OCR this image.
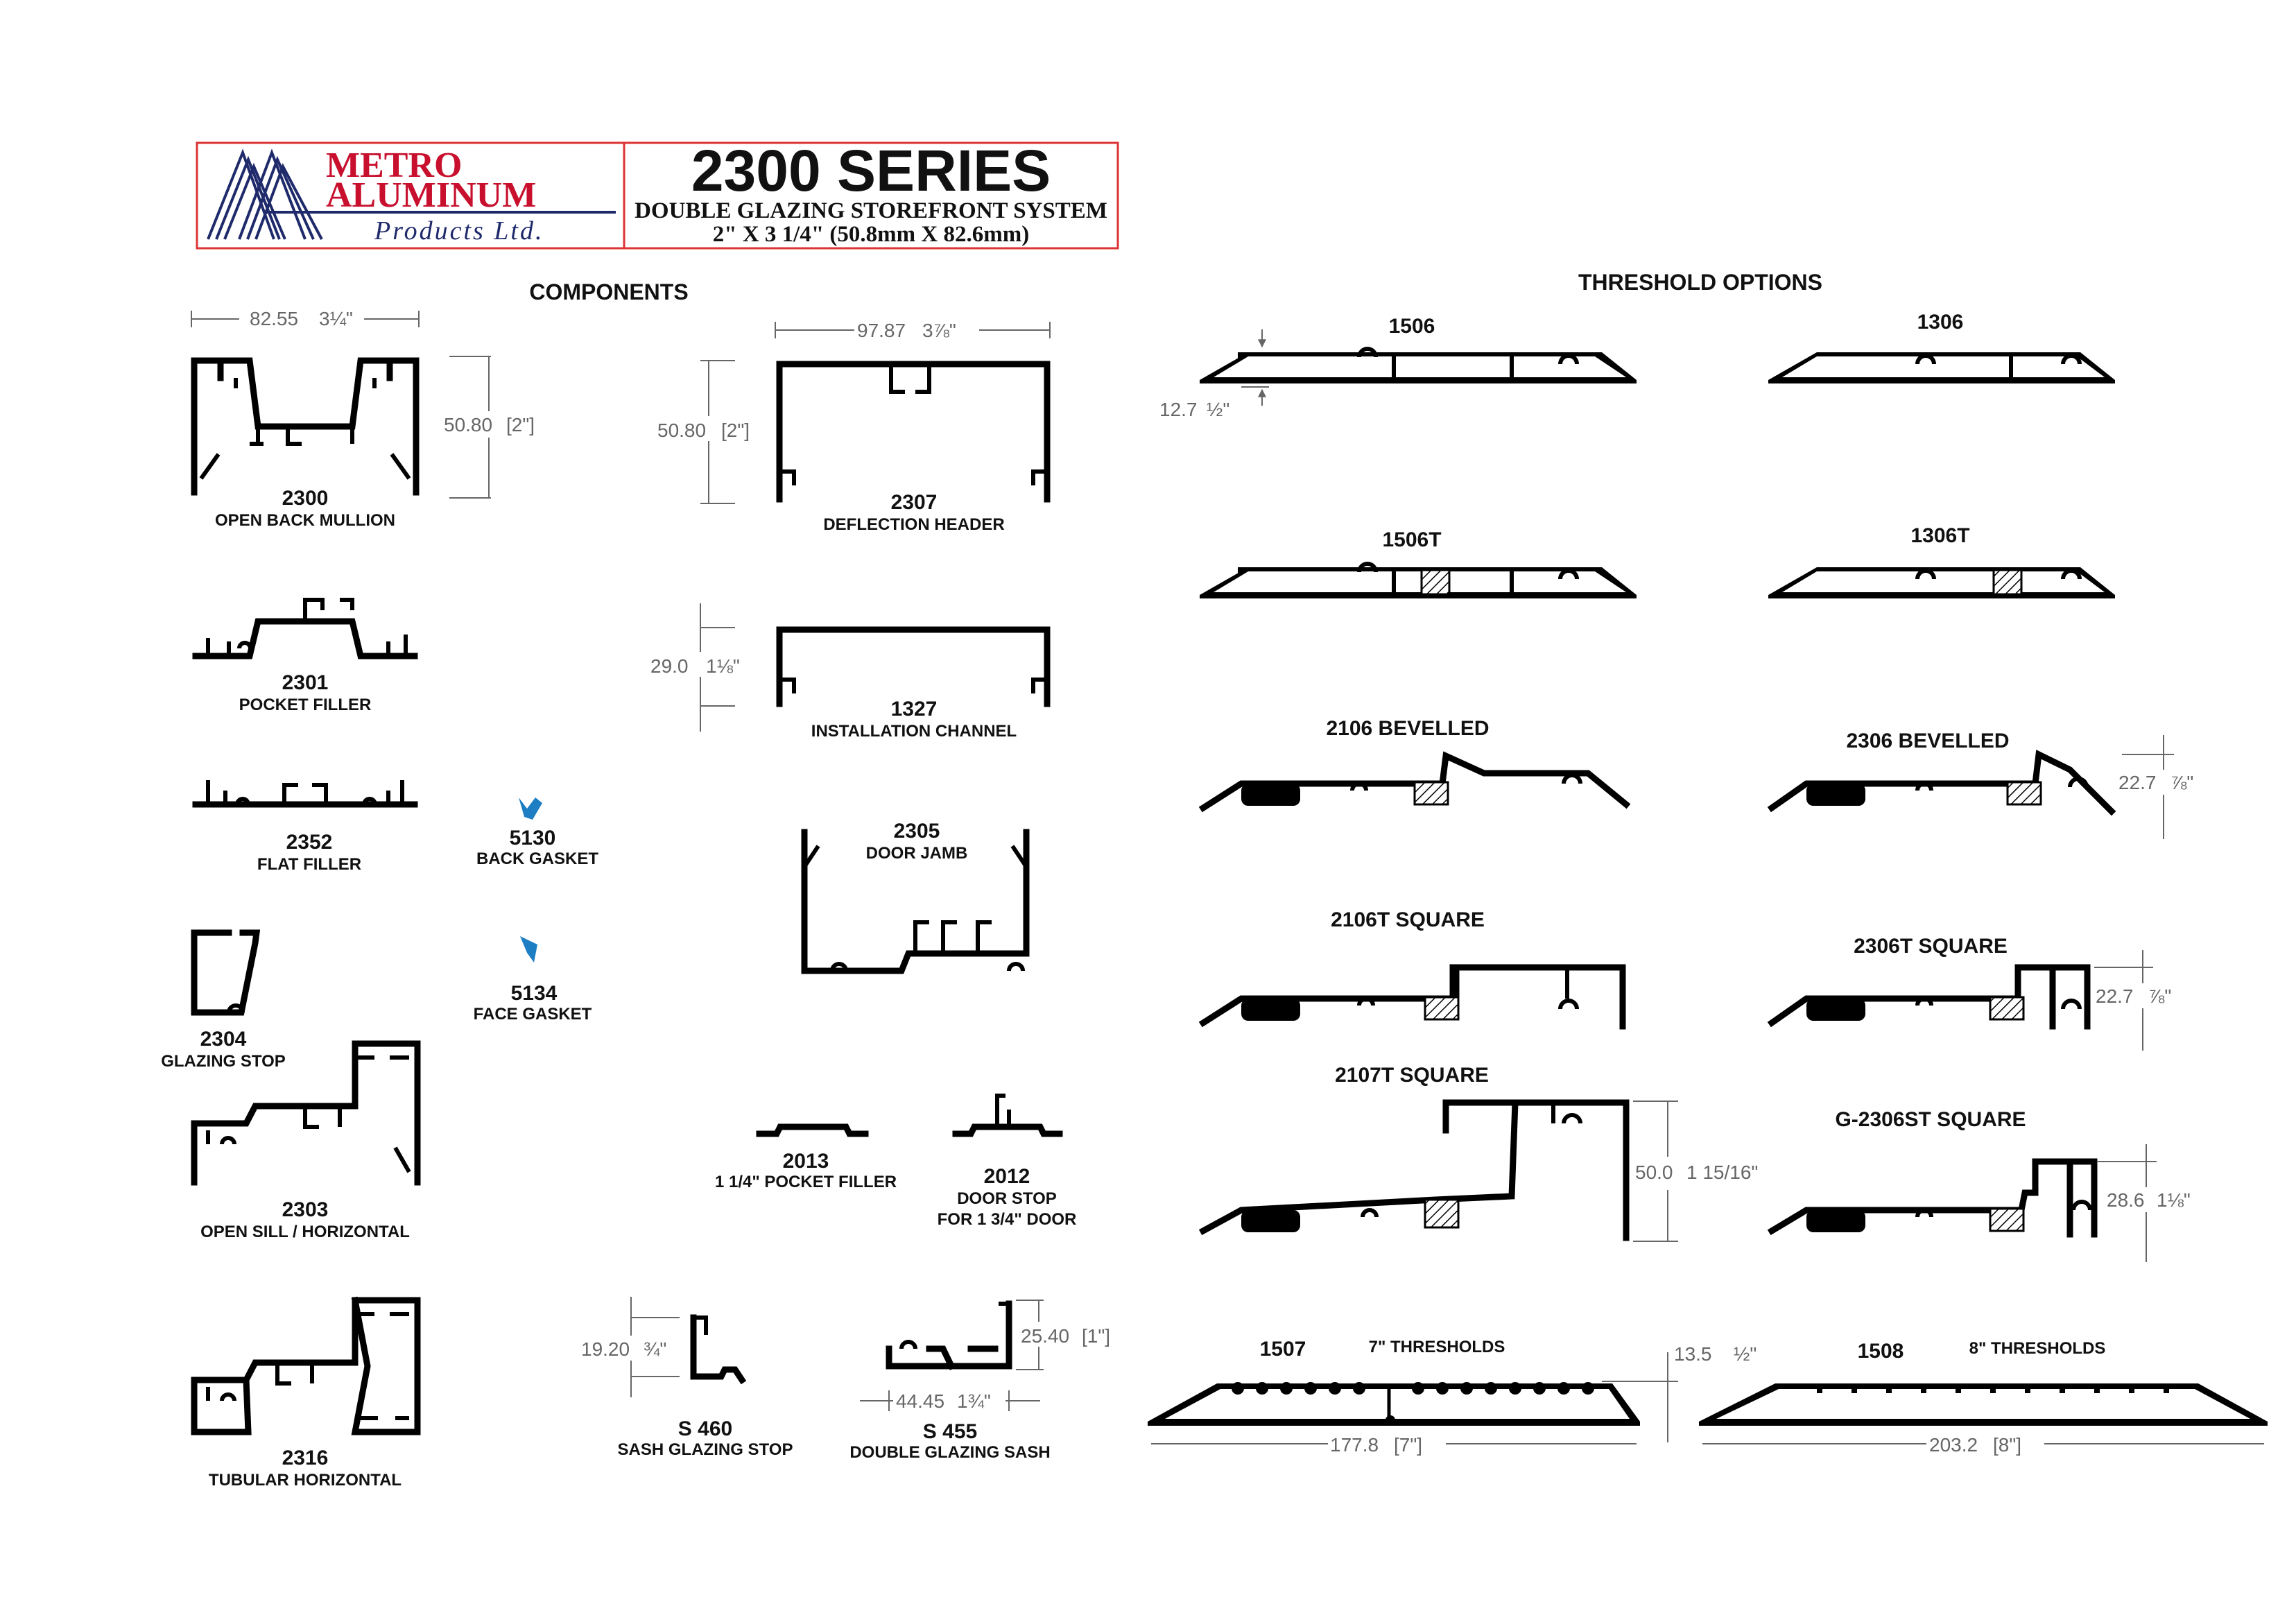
METRO
ALUMINUM
Products Ltd.
2300 SERIES
DOUBLE GLAZING STOREFRONT SYSTEM
2" X 3 1/4" (50.8mm X 82.6mm)
COMPONENTS	THRESHOLD OPTIONS
82.55 3¼"
50.80 [2"]
2300
OPEN BACK MULLION
2301
POCKET FILLER
2352
FLAT FILLER
5130
BACK GASKET
5134
FACE GASKET
2304
GLAZING STOP
2303
OPEN SILL / HORIZONTAL
2316
TUBULAR HORIZONTAL
97.87 3⅞"
50.80 [2"]
2307
DEFLECTION HEADER
29.0 1⅛"
1327
INSTALLATION CHANNEL
2305
DOOR JAMB
2013
1 1/4" POCKET FILLER	2012
DOOR STOP
FOR 1 3/4" DOOR
19.20 ¾"
S 460
SASH GLAZING STOP
25.40 [1"]
44.45 1¾"
S 455
DOUBLE GLAZING SASH
1506
12.7 ½"
1306
1506T	1306T
2106 BEVELLED
2306 BEVELLED
22.7 ⅞"
2106T SQUARE
2306T SQUARE
22.7 ⅞"
2107T SQUARE
50.0 1 15/16"
G-2306ST SQUARE
28.6 1⅛"
1507	7" THRESHOLDS
177.8 [7"]
13.5 ½"	1508	8" THRESHOLDS
203.2 [8"]
